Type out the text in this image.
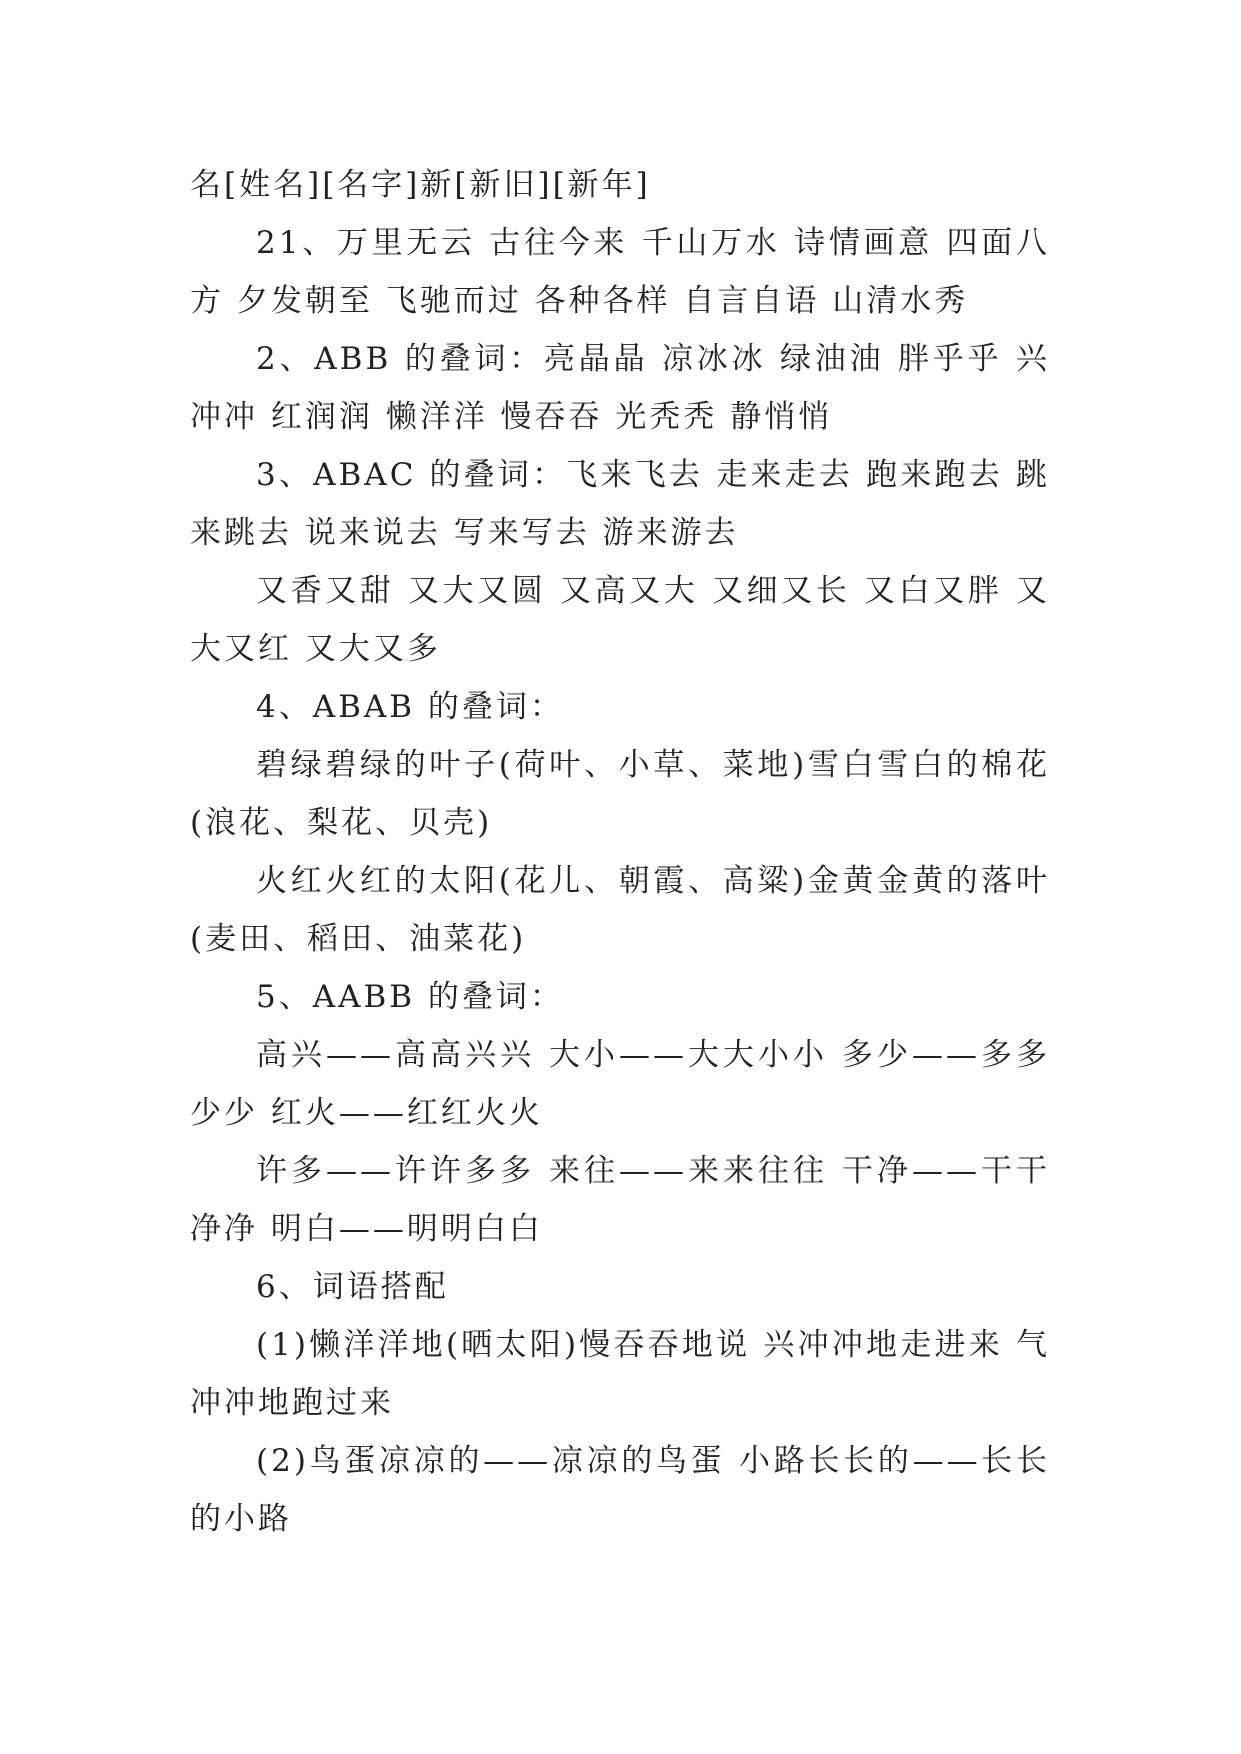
名[姓名][名字]新[新旧][新年]

21、万里无云 古往今来 千山万水 诗情画意 四面八方 夕发朝至 飞驰而过 各种各样 自言自语 山清水秀

2、ABB 的叠词：亮晶晶 凉冰冰 绿油油 胖乎乎 兴冲冲 红润润 懒洋洋 慢吞吞 光秃秃 静悄悄

3、ABAC 的叠词：飞来飞去 走来走去 跑来跑去 跳来跳去 说来说去 写来写去 游来游去

又香又甜 又大又圆 又高又大 又细又长 又白又胖 又大又红 又大又多

4、ABAB 的叠词：

碧绿碧绿的叶子(荷叶、小草、菜地)雪白雪白的棉花(浪花、梨花、贝壳)

火红火红的太阳(花儿、朝霞、高粱)金黄金黄的落叶(麦田、稻田、油菜花)

5、AABB 的叠词：

高兴——高高兴兴 大小——大大小小 多少——多多少少 红火——红红火火

许多——许许多多 来往——来来往往 干净——干干净净 明白——明明白白

6、词语搭配

(1)懒洋洋地(晒太阳)慢吞吞地说 兴冲冲地走进来 气冲冲地跑过来

(2)鸟蛋凉凉的——凉凉的鸟蛋 小路长长的——长长的小路
